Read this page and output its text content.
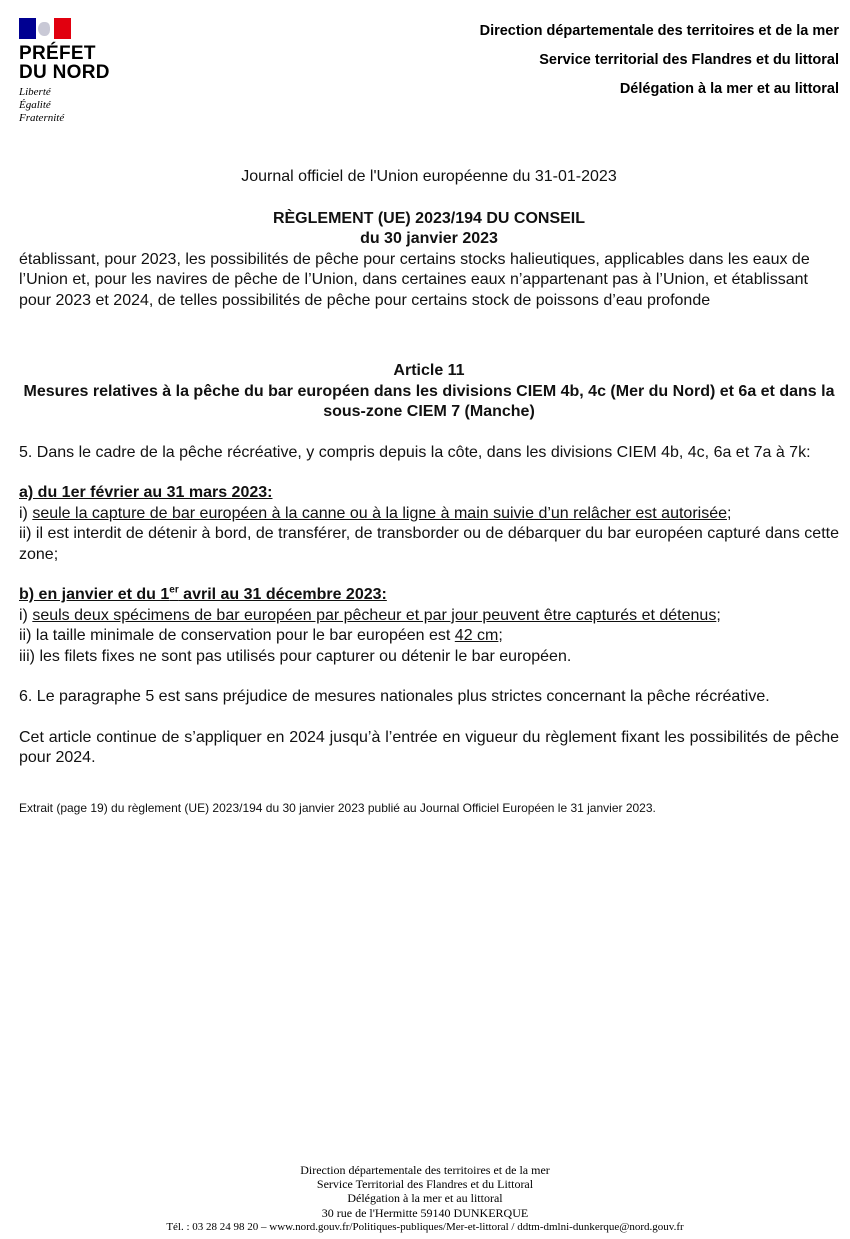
PRÉFET
DU NORD
Liberté
Égalité
Fraternité
Direction départementale des territoires et de la mer
Service territorial des Flandres et du littoral
Délégation à la mer et au littoral
Journal officiel de l'Union européenne du 31-01-2023
RÈGLEMENT (UE) 2023/194 DU CONSEIL
du 30 janvier 2023
établissant, pour 2023, les possibilités de pêche pour certains stocks halieutiques, applicables dans les eaux de l’Union et, pour les navires de pêche de l’Union, dans certaines eaux n’appartenant pas à l’Union, et établissant pour 2023 et 2024, de telles possibilités de pêche pour certains stock de poissons d’eau profonde
Article 11
Mesures relatives à la pêche du bar européen dans les divisions CIEM 4b, 4c (Mer du Nord) et 6a et dans la sous-zone CIEM 7 (Manche)
5. Dans le cadre de la pêche récréative, y compris depuis la côte, dans les divisions CIEM 4b, 4c, 6a et 7a à 7k:
a) du 1er février au 31 mars 2023:
i) seule la capture de bar européen à la canne ou à la ligne à main suivie d’un relâcher est autorisée;
ii) il est interdit de détenir à bord, de transférer, de transborder ou de débarquer du bar européen capturé dans cette zone;
b) en janvier et du 1er avril au 31 décembre 2023:
i) seuls deux spécimens de bar européen par pêcheur et par jour peuvent être capturés et détenus;
ii) la taille minimale de conservation pour le bar européen est 42 cm;
iii) les filets fixes ne sont pas utilisés pour capturer ou détenir le bar européen.
6. Le paragraphe 5 est sans préjudice de mesures nationales plus strictes concernant la pêche récréative.
Cet article continue de s’appliquer en 2024 jusqu’à l’entrée en vigueur du règlement fixant les possibilités de pêche pour 2024.
Extrait (page 19) du règlement (UE) 2023/194 du 30 janvier 2023 publié au Journal Officiel Européen le 31 janvier 2023.
Direction départementale des territoires et de la mer
Service Territorial des Flandres et du Littoral
Délégation à la mer et au littoral
30 rue de l'Hermitte 59140 DUNKERQUE
Tél. : 03 28 24 98 20 – www.nord.gouv.fr/Politiques-publiques/Mer-et-littoral / ddtm-dmlni-dunkerque@nord.gouv.fr
